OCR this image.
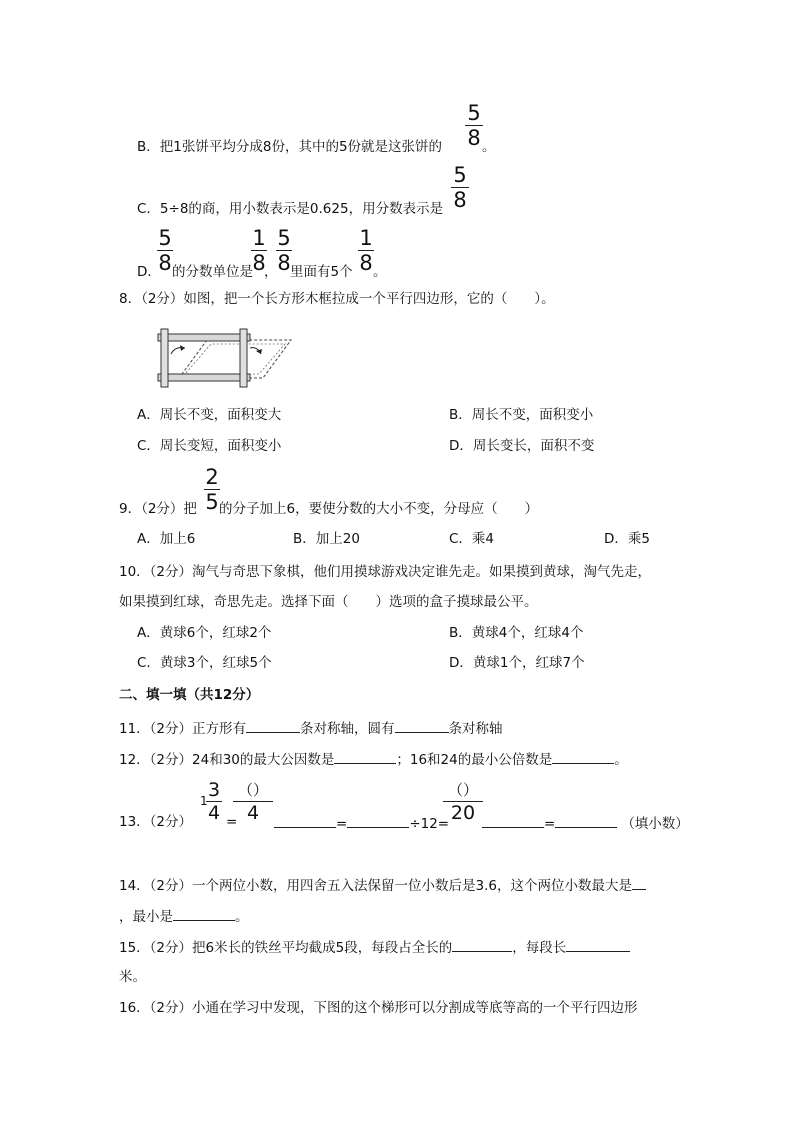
B．把1张饼平均分成8份，其中的5份就是这张饼的
5
8 。
C．5÷8的商，用小数表示是0.625，用分数表示是
5
8
D．
5
8 的分数单位是
1
8
，
5
8 里面有5个
1
8 。
8．（2分）如图，把一个长方形木框拉成一个平行四边形，它的（　　）。
A．周长不变，面积变大	B．周长不变，面积变小
C．周长变短，面积变小	D．周长变长，面积不变
9．（2分）把
2
5 的分子加上6，要使分数的大小不变，分母应（　　）
A．加上6	B．加上20	C．乘4	D．乘5
10．（2分）淘气与奇思下象棋，他们用摸球游戏决定谁先走。如果摸到黄球，淘气先走，
如果摸到红球，奇思先走。选择下面（　　）选项的盒子摸球最公平。
A．黄球6个，红球2个	B．黄球4个，红球4个
C．黄球3个，红球5个	D．黄球1个，红球7个
二、填一填（共12分）
11．（2分）正方形有	条对称轴，圆有	条对称轴
12．（2分）24和30的最大公因数是	；16和24的最小公倍数是	。
13．（2分）
1 3
4 =
（）
4	=	÷12=
（）
20	=	（填小数）
14．（2分）一个两位小数，用四舍五入法保留一位小数后是3.6，这个两位小数最大是
，最小是	。
15．（2分）把6米长的铁丝平均截成5段，每段占全长的	，每段长
米。
16．（2分）小通在学习中发现，下图的这个梯形可以分割成等底等高的一个平行四边形
